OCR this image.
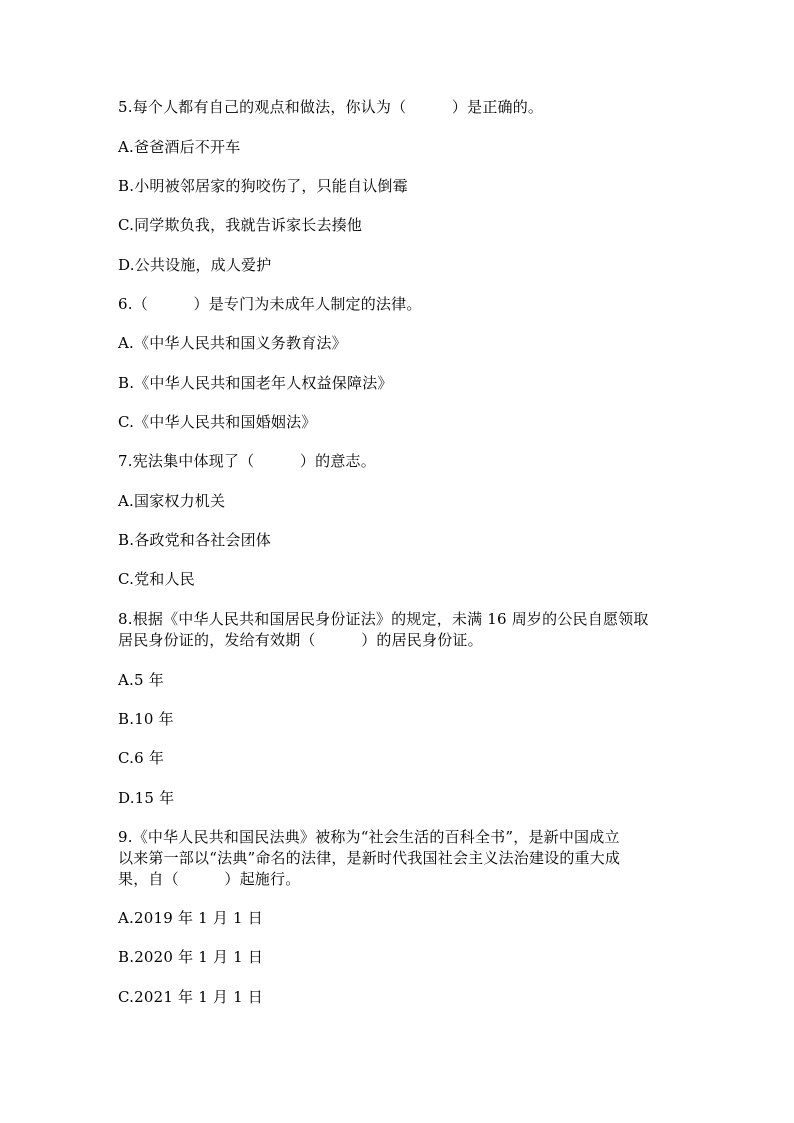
5.每个人都有自己的观点和做法，你认为（　　　）是正确的。
A.爸爸酒后不开车
B.小明被邻居家的狗咬伤了，只能自认倒霉
C.同学欺负我，我就告诉家长去揍他
D.公共设施，成人爱护
6.（　　　）是专门为未成年人制定的法律。
A.《中华人民共和国义务教育法》
B.《中华人民共和国老年人权益保障法》
C.《中华人民共和国婚姻法》
7.宪法集中体现了（　　　）的意志。
A.国家权力机关
B.各政党和各社会团体
C.党和人民
8.根据《中华人民共和国居民身份证法》的规定，未满 16 周岁的公民自愿领取
居民身份证的，发给有效期（　　　）的居民身份证。
A.5 年
B.10 年
C.6 年
D.15 年
9.《中华人民共和国民法典》被称为“社会生活的百科全书”，是新中国成立
以来第一部以“法典”命名的法律，是新时代我国社会主义法治建设的重大成
果，自（　　　）起施行。
A.2019 年 1 月 1 日
B.2020 年 1 月 1 日
C.2021 年 1 月 1 日
